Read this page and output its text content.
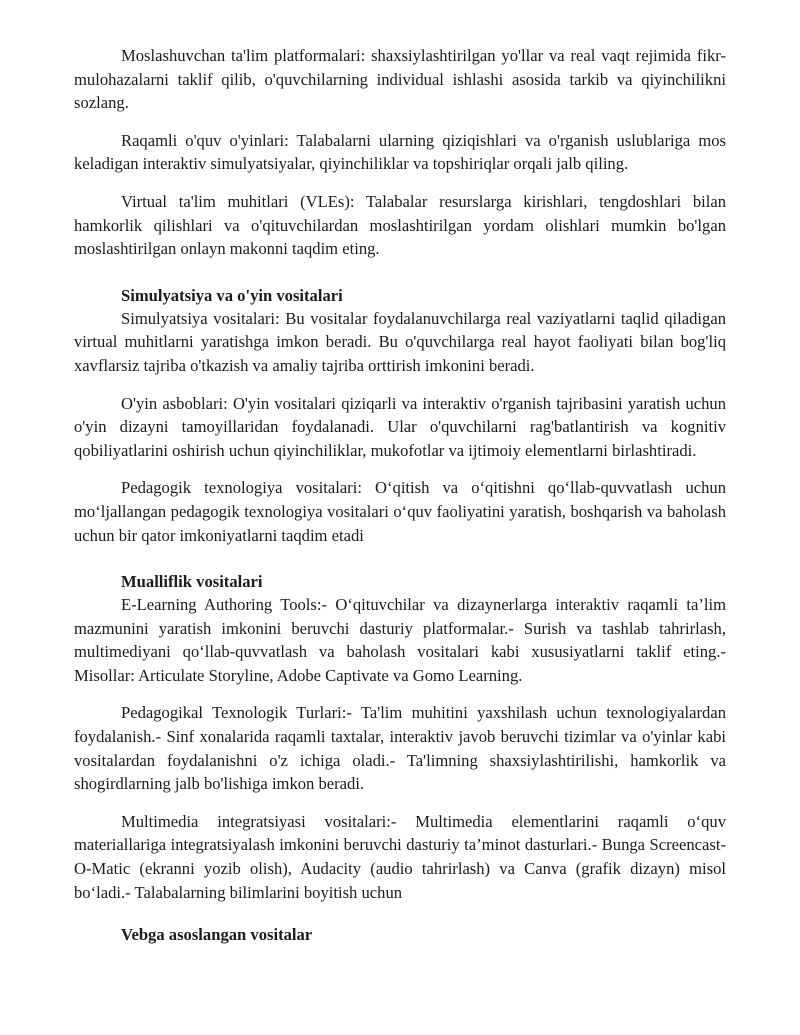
Moslashuvchan ta'lim platformalari: shaxsiylashtirilgan yo'llar va real vaqt rejimida fikr-mulohazalarni taklif qilib, o'quvchilarning individual ishlashi asosida tarkib va qiyinchilikni sozlang.

Raqamli o'quv o'yinlari: Talabalarni ularning qiziqishlari va o'rganish uslublariga mos keladigan interaktiv simulyatsiyalar, qiyinchiliklar va topshiriqlar orqali jalb qiling.

Virtual ta'lim muhitlari (VLEs): Talabalar resurslarga kirishlari, tengdoshlari bilan hamkorlik qilishlari va o'qituvchilardan moslashtirilgan yordam olishlari mumkin bo'lgan moslashtirilgan onlayn makonni taqdim eting.

Simulyatsiya va o'yin vositalari

Simulyatsiya vositalari: Bu vositalar foydalanuvchilarga real vaziyatlarni taqlid qiladigan virtual muhitlarni yaratishga imkon beradi. Bu o'quvchilarga real hayot faoliyati bilan bog'liq xavflarsiz tajriba o'tkazish va amaliy tajriba orttirish imkonini beradi.

O'yin asboblari: O'yin vositalari qiziqarli va interaktiv o'rganish tajribasini yaratish uchun o'yin dizayni tamoyillaridan foydalanadi. Ular o'quvchilarni rag'batlantirish va kognitiv qobiliyatlarini oshirish uchun qiyinchiliklar, mukofotlar va ijtimoiy elementlarni birlashtiradi.

Pedagogik texnologiya vositalari: O‘qitish va o‘qitishni qo‘llab-quvvatlash uchun mo‘ljallangan pedagogik texnologiya vositalari o‘quv faoliyatini yaratish, boshqarish va baholash uchun bir qator imkoniyatlarni taqdim etadi

Mualliflik vositalari

E-Learning Authoring Tools:- O‘qituvchilar va dizaynerlarga interaktiv raqamli ta’lim mazmunini yaratish imkonini beruvchi dasturiy platformalar.- Surish va tashlab tahrirlash, multimediyani qo‘llab-quvvatlash va baholash vositalari kabi xususiyatlarni taklif eting.- Misollar: Articulate Storyline, Adobe Captivate va Gomo Learning.

Pedagogikal Texnologik Turlari:- Ta'lim muhitini yaxshilash uchun texnologiyalardan foydalanish.- Sinf xonalarida raqamli taxtalar, interaktiv javob beruvchi tizimlar va o'yinlar kabi vositalardan foydalanishni o'z ichiga oladi.- Ta'limning shaxsiylashtirilishi, hamkorlik va shogirdlarning jalb bo'lishiga imkon beradi.

Multimedia integratsiyasi vositalari:- Multimedia elementlarini raqamli o‘quv materiallariga integratsiyalash imkonini beruvchi dasturiy ta’minot dasturlari.- Bunga Screencast-O-Matic (ekranni yozib olish), Audacity (audio tahrirlash) va Canva (grafik dizayn) misol bo‘ladi.- Talabalarning bilimlarini boyitish uchun

Vebga asoslangan vositalar
